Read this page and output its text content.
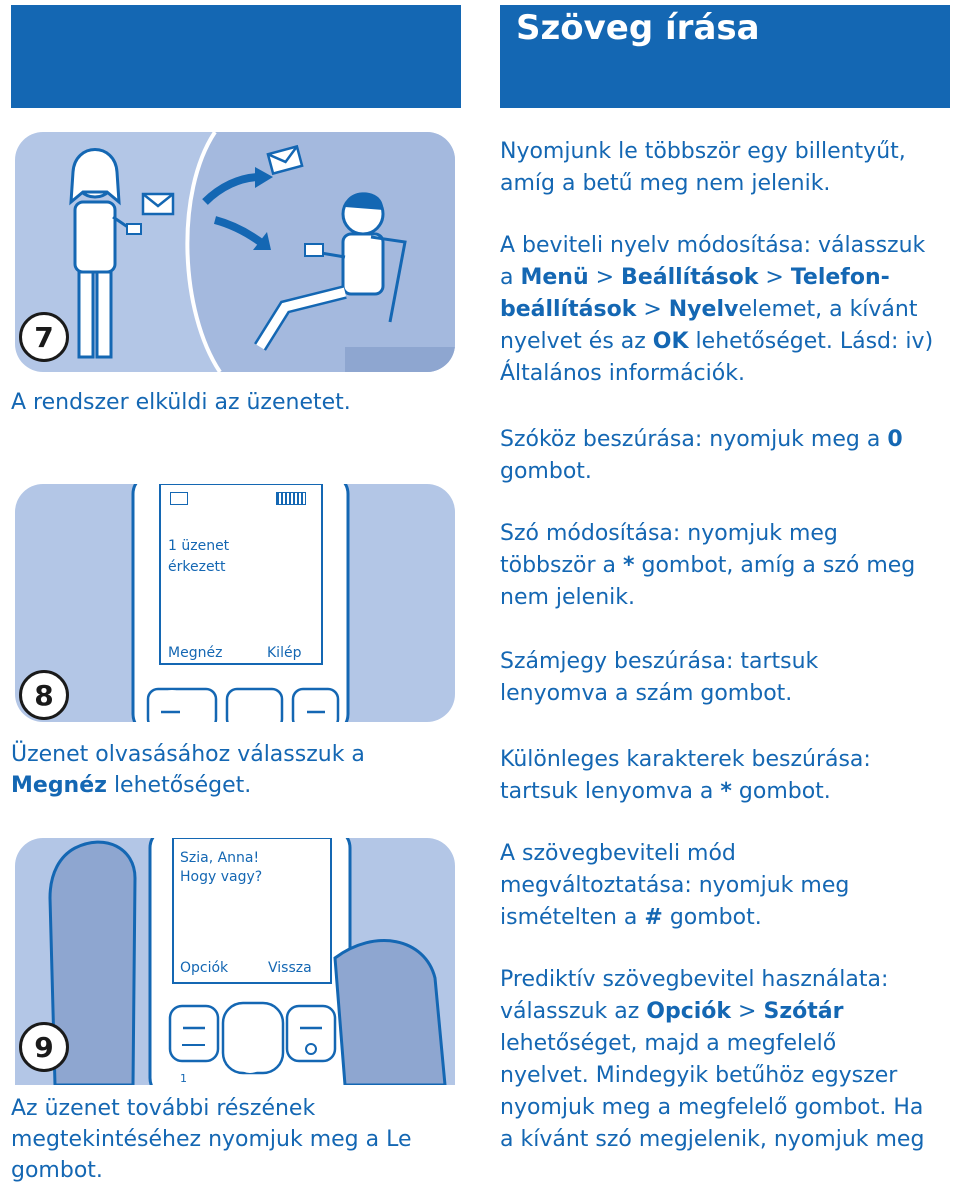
Szöveg írása
7
A rendszer elküldi az üzenetet.
1 üzenet
érkezett
Megnéz	Kilép
8
Üzenet olvasásához válasszuk a
Megnéz lehetőséget.
Szia, Anna!
Hogy vagy?
Opciók	Vissza
1
9
Az üzenet további részének
megtekintéséhez nyomjuk meg a Le
gombot.
Nyomjunk le többször egy billentyűt,
amíg a betű meg nem jelenik.
A beviteli nyelv módosítása: válasszuk
a Menü > Beállítások > Telefon-
beállítások > Nyelvelemet, a kívánt
nyelvet és az OK lehetőséget. Lásd: iv)
Általános információk.
Szóköz beszúrása: nyomjuk meg a 0
gombot.
Szó módosítása: nyomjuk meg
többször a * gombot, amíg a szó meg
nem jelenik.
Számjegy beszúrása: tartsuk
lenyomva a szám gombot.
Különleges karakterek beszúrása:
tartsuk lenyomva a * gombot.
A szövegbeviteli mód
megváltoztatása: nyomjuk meg
ismételten a # gombot.
Prediktív szövegbevitel használata:
válasszuk az Opciók > Szótár
lehetőséget, majd a megfelelő
nyelvet. Mindegyik betűhöz egyszer
nyomjuk meg a megfelelő gombot. Ha
a kívánt szó megjelenik, nyomjuk meg
